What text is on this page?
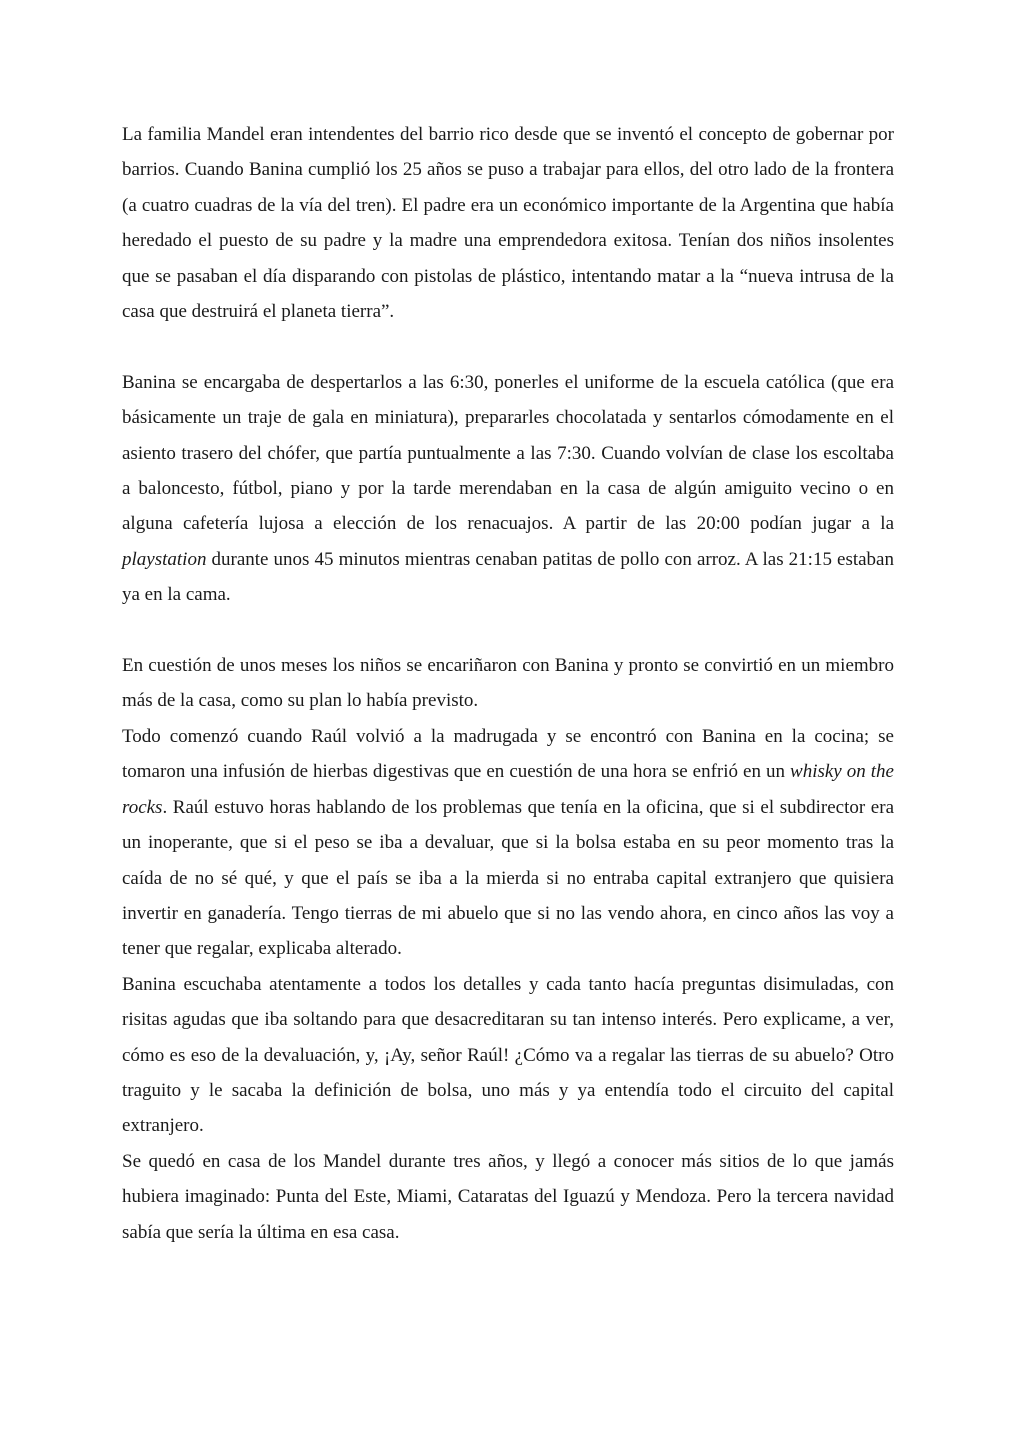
La familia Mandel eran intendentes del barrio rico desde que se inventó el concepto de gobernar por barrios. Cuando Banina cumplió los 25 años se puso a trabajar para ellos, del otro lado de la frontera (a cuatro cuadras de la vía del tren). El padre era un económico importante de la Argentina que había heredado el puesto de su padre y la madre una emprendedora exitosa. Tenían dos niños insolentes que se pasaban el día disparando con pistolas de plástico, intentando matar a la “nueva intrusa de la casa que destruirá el planeta tierra”.

Banina se encargaba de despertarlos a las 6:30, ponerles el uniforme de la escuela católica (que era básicamente un traje de gala en miniatura), prepararles chocolatada y sentarlos cómodamente en el asiento trasero del chófer, que partía puntualmente a las 7:30. Cuando volvían de clase los escoltaba a baloncesto, fútbol, piano y por la tarde merendaban en la casa de algún amiguito vecino o en alguna cafetería lujosa a elección de los renacuajos. A partir de las 20:00 podían jugar a la playstation durante unos 45 minutos mientras cenaban patitas de pollo con arroz. A las 21:15 estaban ya en la cama.

En cuestión de unos meses los niños se encariñaron con Banina y pronto se convirtió en un miembro más de la casa, como su plan lo había previsto.

Todo comenzó cuando Raúl volvió a la madrugada y se encontró con Banina en la cocina; se tomaron una infusión de hierbas digestivas que en cuestión de una hora se enfrió en un whisky on the rocks. Raúl estuvo horas hablando de los problemas que tenía en la oficina, que si el subdirector era un inoperante, que si el peso se iba a devaluar, que si la bolsa estaba en su peor momento tras la caída de no sé qué, y que el país se iba a la mierda si no entraba capital extranjero que quisiera invertir en ganadería. Tengo tierras de mi abuelo que si no las vendo ahora, en cinco años las voy a tener que regalar, explicaba alterado.

Banina escuchaba atentamente a todos los detalles y cada tanto hacía preguntas disimuladas, con risitas agudas que iba soltando para que desacreditaran su tan intenso interés. Pero explicame, a ver, cómo es eso de la devaluación, y, ¡Ay, señor Raúl! ¿Cómo va a regalar las tierras de su abuelo? Otro traguito y le sacaba la definición de bolsa, uno más y ya entendía todo el circuito del capital extranjero.

Se quedó en casa de los Mandel durante tres años, y llegó a conocer más sitios de lo que jamás hubiera imaginado: Punta del Este, Miami, Cataratas del Iguazú y Mendoza. Pero la tercera navidad sabía que sería la última en esa casa.
